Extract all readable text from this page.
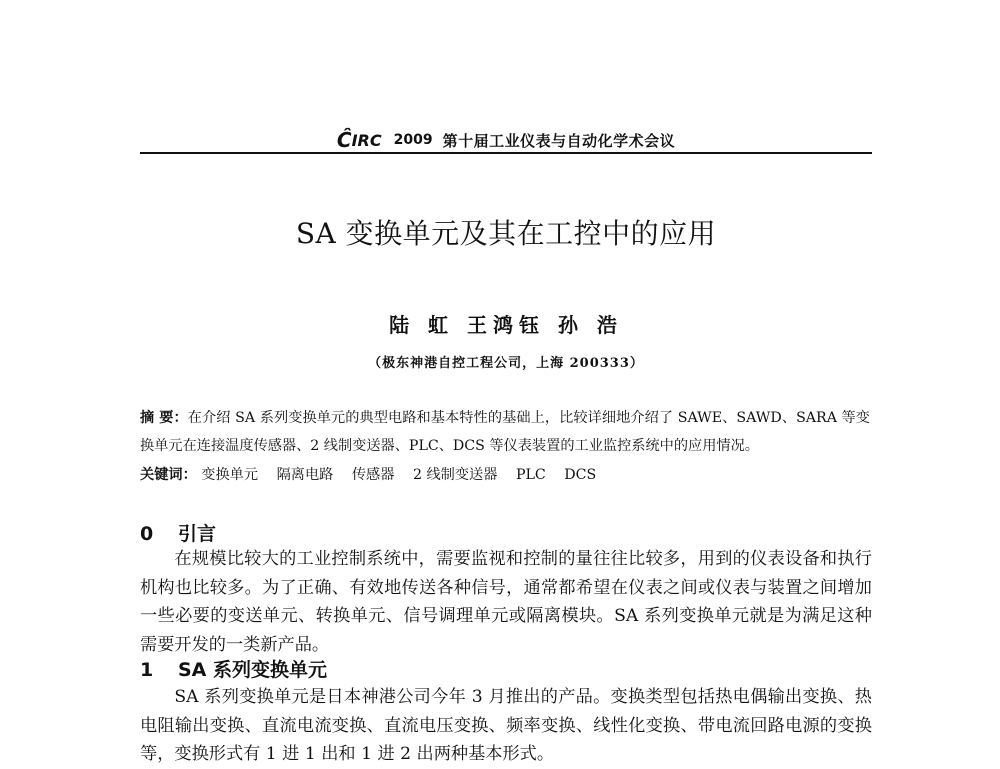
ĈIRC 2009 第十届工业仪表与自动化学术会议
SA 变换单元及其在工控中的应用
陆 虹 王鸿钰 孙 浩
（极东神港自控工程公司，上海 200333）
摘 要：在介绍 SA 系列变换单元的典型电路和基本特性的基础上，比较详细地介绍了 SAWE、SAWD、SARA 等变换单元在连接温度传感器、2 线制变送器、PLC、DCS 等仪表装置的工业监控系统中的应用情况。
关键词： 变换单元 隔离电路 传感器 2 线制变送器 PLC DCS
0 引言
在规模比较大的工业控制系统中，需要监视和控制的量往往比较多，用到的仪表设备和执行机构也比较多。为了正确、有效地传送各种信号，通常都希望在仪表之间或仪表与装置之间增加一些必要的变送单元、转换单元、信号调理单元或隔离模块。SA 系列变换单元就是为满足这种需要开发的一类新产品。
1 SA 系列变换单元
SA 系列变换单元是日本神港公司今年 3 月推出的产品。变换类型包括热电偶输出变换、热电阻输出变换、直流电流变换、直流电压变换、频率变换、线性化变换、带电流回路电源的变换等，变换形式有 1 进 1 出和 1 进 2 出两种基本形式。
